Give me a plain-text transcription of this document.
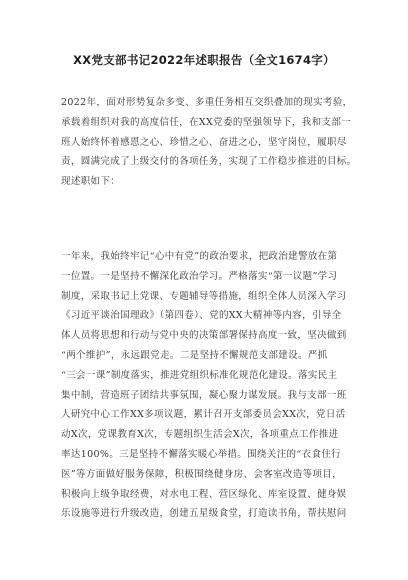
XX党支部书记2022年述职报告（全文1674字）
2022年，面对形势复杂多变、多重任务相互交织叠加的现实考验，
承载着组织对我的高度信任，在XX党委的坚强领导下，我和支部一
班人始终怀着感恩之心、珍惜之心、奋进之心，坚守岗位，履职尽
责，圆满完成了上级交付的各项任务，实现了工作稳步推进的目标。
现述职如下：
一年来，我始终牢记“心中有党”的政治要求，把政治建警放在第
一位置。一是坚持不懈深化政治学习。严格落实“第一议题”学习
制度，采取书记上党课、专题辅导等措施，组织全体人员深入学习
《习近平谈治国理政》（第四卷）、党的XX大精神等内容，引导全
体人员将思想和行动与党中央的决策部署保持高度一致，坚决做到
“两个维护”，永远跟党走。二是坚持不懈规范支部建设。严抓
“三会一课”制度落实，推进党组织标准化规范化建设。落实民主
集中制，营造班子团结共事氛围，凝心聚力谋发展。我与支部一班
人研究中心工作XX多项议题，累计召开支部委员会XX次，党日活
动X次，党课教育X次，专题组织生活会X次，各项重点工作推进
率达100%。三是坚持不懈落实暖心举措。围绕关注的“衣食住行
医”等方面做好服务保障，积极围绕健身房、会客室改造等项目，
积极向上级争取经费，对水电工程、营区绿化、库室设置、健身娱
乐设施等进行升级改造，创建五星级食堂，打造读书角，帮扶慰问
